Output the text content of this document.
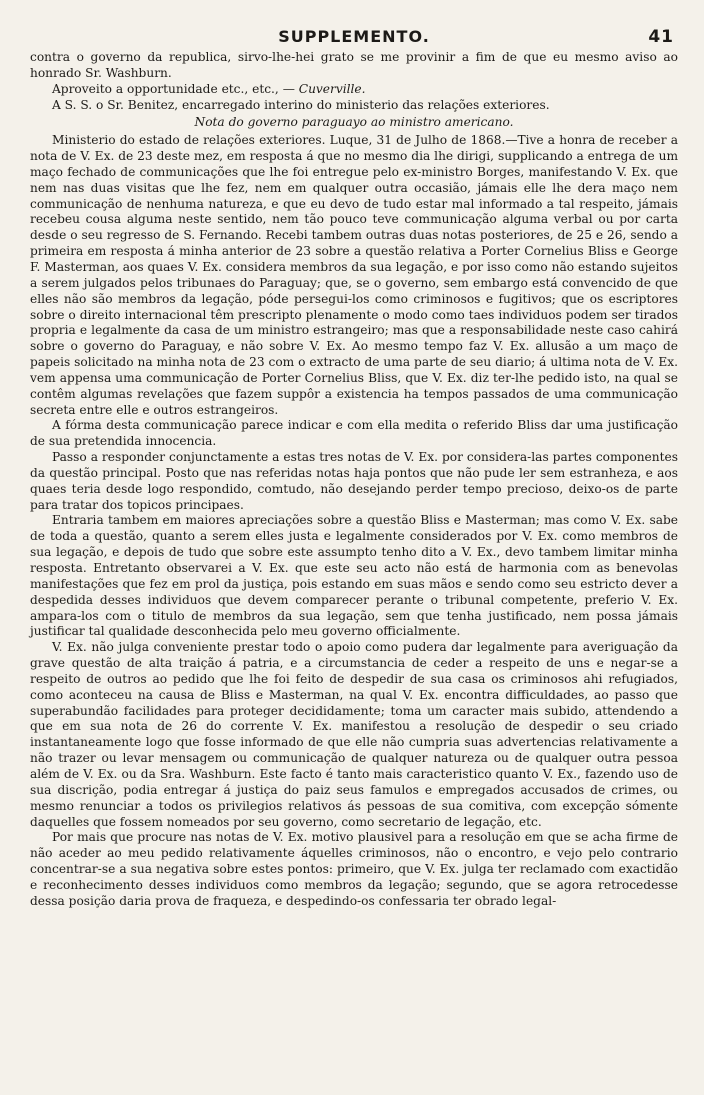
SUPPLEMENTO.	41

contra o governo da republica, sirvo-lhe-hei grato se me provinir a fim de que eu mesmo aviso ao honrado Sr. Washburn.

Aproveito a opportunidade etc., etc., — Cuverville.

A S. S. o Sr. Benitez, encarregado interino do ministerio das relações exteriores.

Nota do governo paraguayo ao ministro americano.

Ministerio do estado de relações exteriores. Luque, 31 de Julho de 1868.—Tive a honra de receber a nota de V. Ex. de 23 deste mez, em resposta á que no mesmo dia lhe dirigi, supplicando a entrega de um maço fechado de communicações que lhe foi entregue pelo ex-ministro Borges, manifestando V. Ex. que nem nas duas visitas que lhe fez, nem em qualquer outra occasião, jámais elle lhe dera maço nem communicação de nenhuma natureza, e que eu devo de tudo estar mal informado a tal respeito, jámais recebeu cousa alguma neste sentido, nem tão pouco teve communicação alguma verbal ou por carta desde o seu regresso de S. Fernando. Recebi tambem outras duas notas posteriores, de 25 e 26, sendo a primeira em resposta á minha anterior de 23 sobre a questão relativa a Porter Cornelius Bliss e George F. Masterman, aos quaes V. Ex. considera membros da sua legação, e por isso como não estando sujeitos a serem julgados pelos tribunaes do Paraguay; que, se o governo, sem embargo está convencido de que elles não são membros da legação, póde persegui-los como criminosos e fugitivos; que os escriptores sobre o direito internacional têm prescripto plenamente o modo como taes individuos podem ser tirados propria e legalmente da casa de um ministro estrangeiro; mas que a responsabilidade neste caso cahirá sobre o governo do Paraguay, e não sobre V. Ex. Ao mesmo tempo faz V. Ex. allusão a um maço de papeis solicitado na minha nota de 23 com o extracto de uma parte de seu diario; á ultima nota de V. Ex. vem appensa uma communicação de Porter Cornelius Bliss, que V. Ex. diz ter-lhe pedido isto, na qual se contêm algumas revelações que fazem suppôr a existencia ha tempos passados de uma communicação secreta entre elle e outros estrangeiros.

A fórma desta communicação parece indicar e com ella medita o referido Bliss dar uma justificação de sua pretendida innocencia.

Passo a responder conjunctamente a estas tres notas de V. Ex. por considera-las partes componentes da questão principal. Posto que nas referidas notas haja pontos que não pude ler sem estranheza, e aos quaes teria desde logo respondido, comtudo, não desejando perder tempo precioso, deixo-os de parte para tratar dos topicos principaes.

Entraria tambem em maiores apreciações sobre a questão Bliss e Masterman; mas como V. Ex. sabe de toda a questão, quanto a serem elles justa e legalmente considerados por V. Ex. como membros de sua legação, e depois de tudo que sobre este assumpto tenho dito a V. Ex., devo tambem limitar minha resposta. Entretanto observarei a V. Ex. que este seu acto não está de harmonia com as benevolas manifestações que fez em prol da justiça, pois estando em suas mãos e sendo como seu estricto dever a despedida desses individuos que devem comparecer perante o tribunal competente, preferio V. Ex. ampara-los com o titulo de membros da sua legação, sem que tenha justificado, nem possa jámais justificar tal qualidade desconhecida pelo meu governo officialmente.

V. Ex. não julga conveniente prestar todo o apoio como pudera dar legalmente para averiguação da grave questão de alta traição á patria, e a circumstancia de ceder a respeito de uns e negar-se a respeito de outros ao pedido que lhe foi feito de despedir de sua casa os criminosos ahi refugiados, como aconteceu na causa de Bliss e Masterman, na qual V. Ex. encontra difficuldades, ao passo que superabundão facilidades para proteger decididamente; toma um caracter mais subido, attendendo a que em sua nota de 26 do corrente V. Ex. manifestou a resolução de despedir o seu criado instantaneamente logo que fosse informado de que elle não cumpria suas advertencias relativamente a não trazer ou levar mensagem ou communicação de qualquer natureza ou de qualquer outra pessoa além de V. Ex. ou da Sra. Washburn. Este facto é tanto mais caracteristico quanto V. Ex., fazendo uso de sua discrição, podia entregar á justiça do paiz seus famulos e empregados accusados de crimes, ou mesmo renunciar a todos os privilegios relativos ás pessoas de sua comitiva, com excepção sómente daquelles que fossem nomeados por seu governo, como secretario de legação, etc.

Por mais que procure nas notas de V. Ex. motivo plausivel para a resolução em que se acha firme de não aceder ao meu pedido relativamente áquelles criminosos, não o encontro, e vejo pelo contrario concentrar-se a sua negativa sobre estes pontos: primeiro, que V. Ex. julga ter reclamado com exactidão e reconhecimento desses individuos como membros da legação; segundo, que se agora retrocedesse dessa posição daria prova de fraqueza, e despedindo-os confessaria ter obrado legal-
